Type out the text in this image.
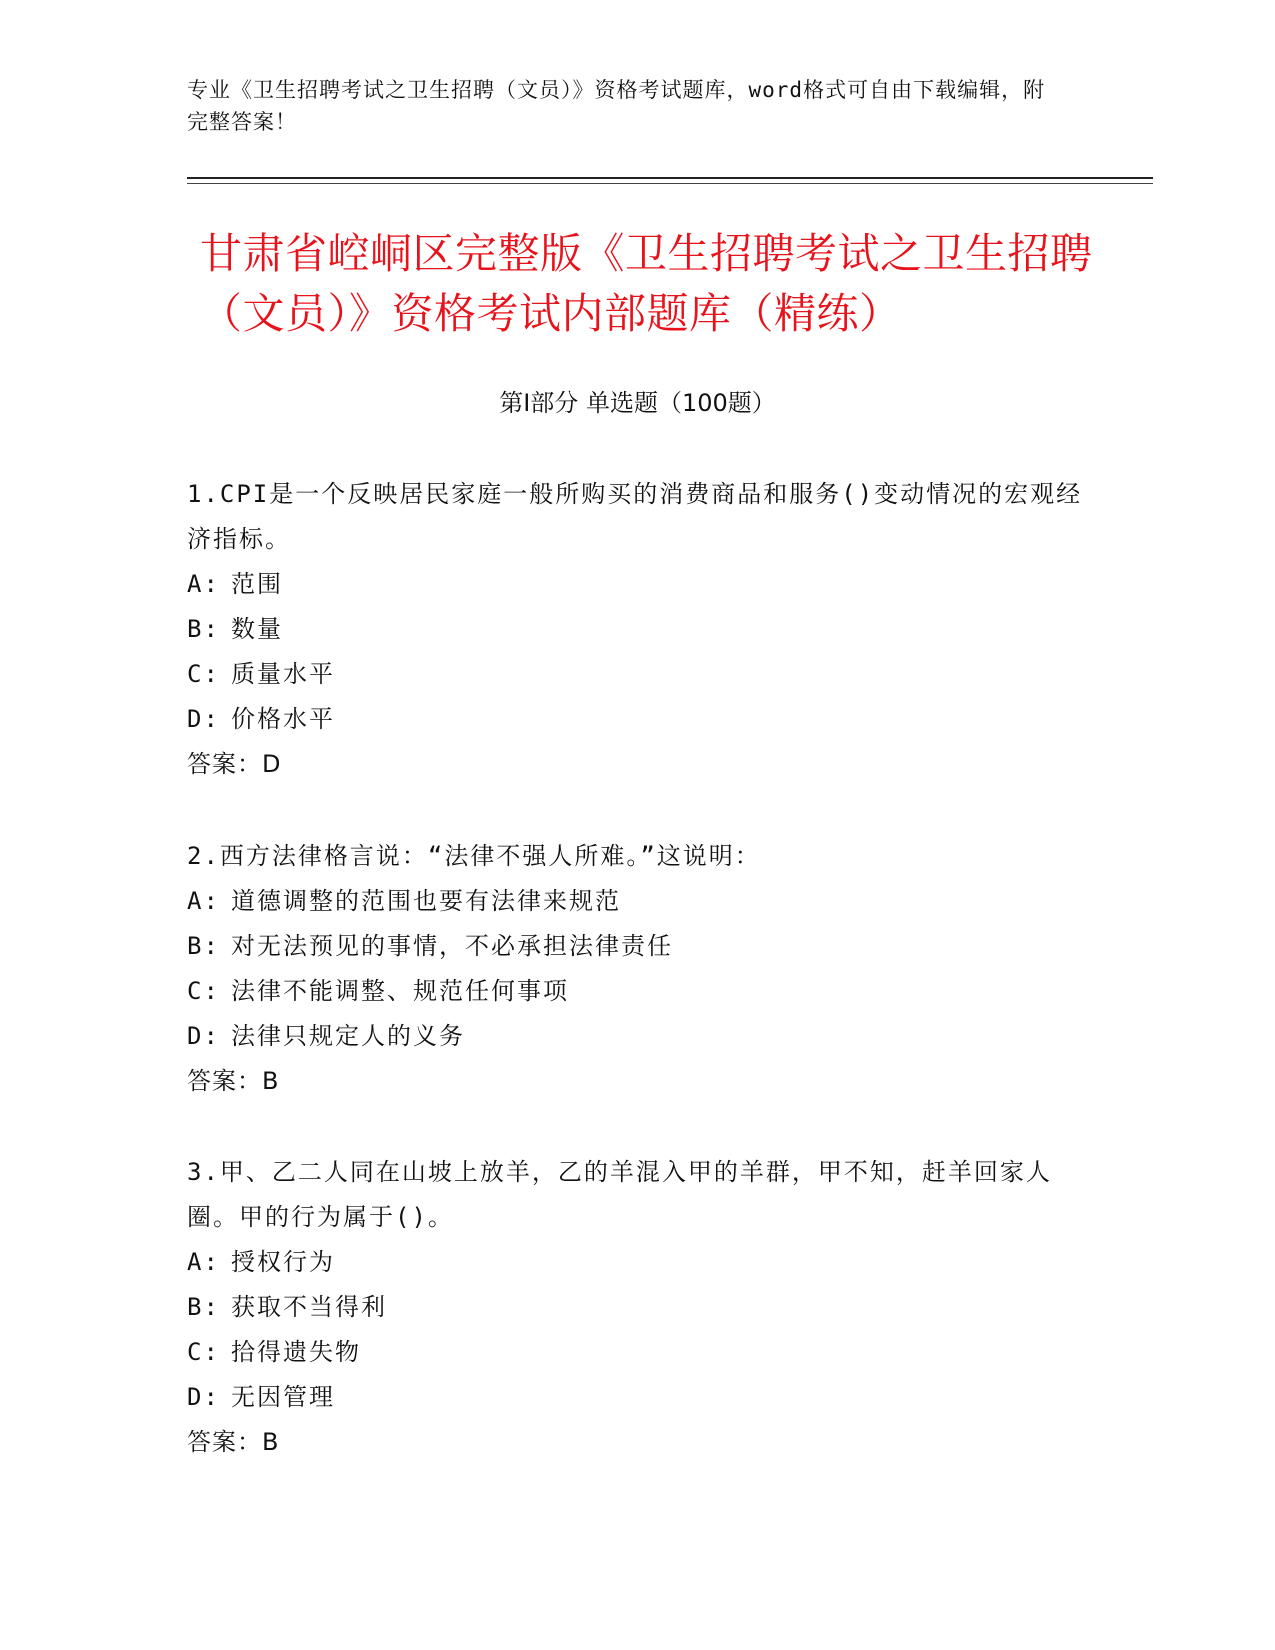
专业《卫生招聘考试之卫生招聘（文员）》资格考试题库，word格式可自由下载编辑，附完整答案！
甘肃省崆峒区完整版《卫生招聘考试之卫生招聘（文员）》资格考试内部题库（精练）
第Ⅰ部分 单选题（100题）
1.CPI是一个反映居民家庭一般所购买的消费商品和服务()变动情况的宏观经济指标。
A: 范围
B: 数量
C: 质量水平
D: 价格水平
答案：D
2.西方法律格言说：“法律不强人所难。”这说明：
A: 道德调整的范围也要有法律来规范
B: 对无法预见的事情，不必承担法律责任
C: 法律不能调整、规范任何事项
D: 法律只规定人的义务
答案：B
3.甲、乙二人同在山坡上放羊，乙的羊混入甲的羊群，甲不知，赶羊回家人圈。甲的行为属于()。
A: 授权行为
B: 获取不当得利
C: 拾得遗失物
D: 无因管理
答案：B
